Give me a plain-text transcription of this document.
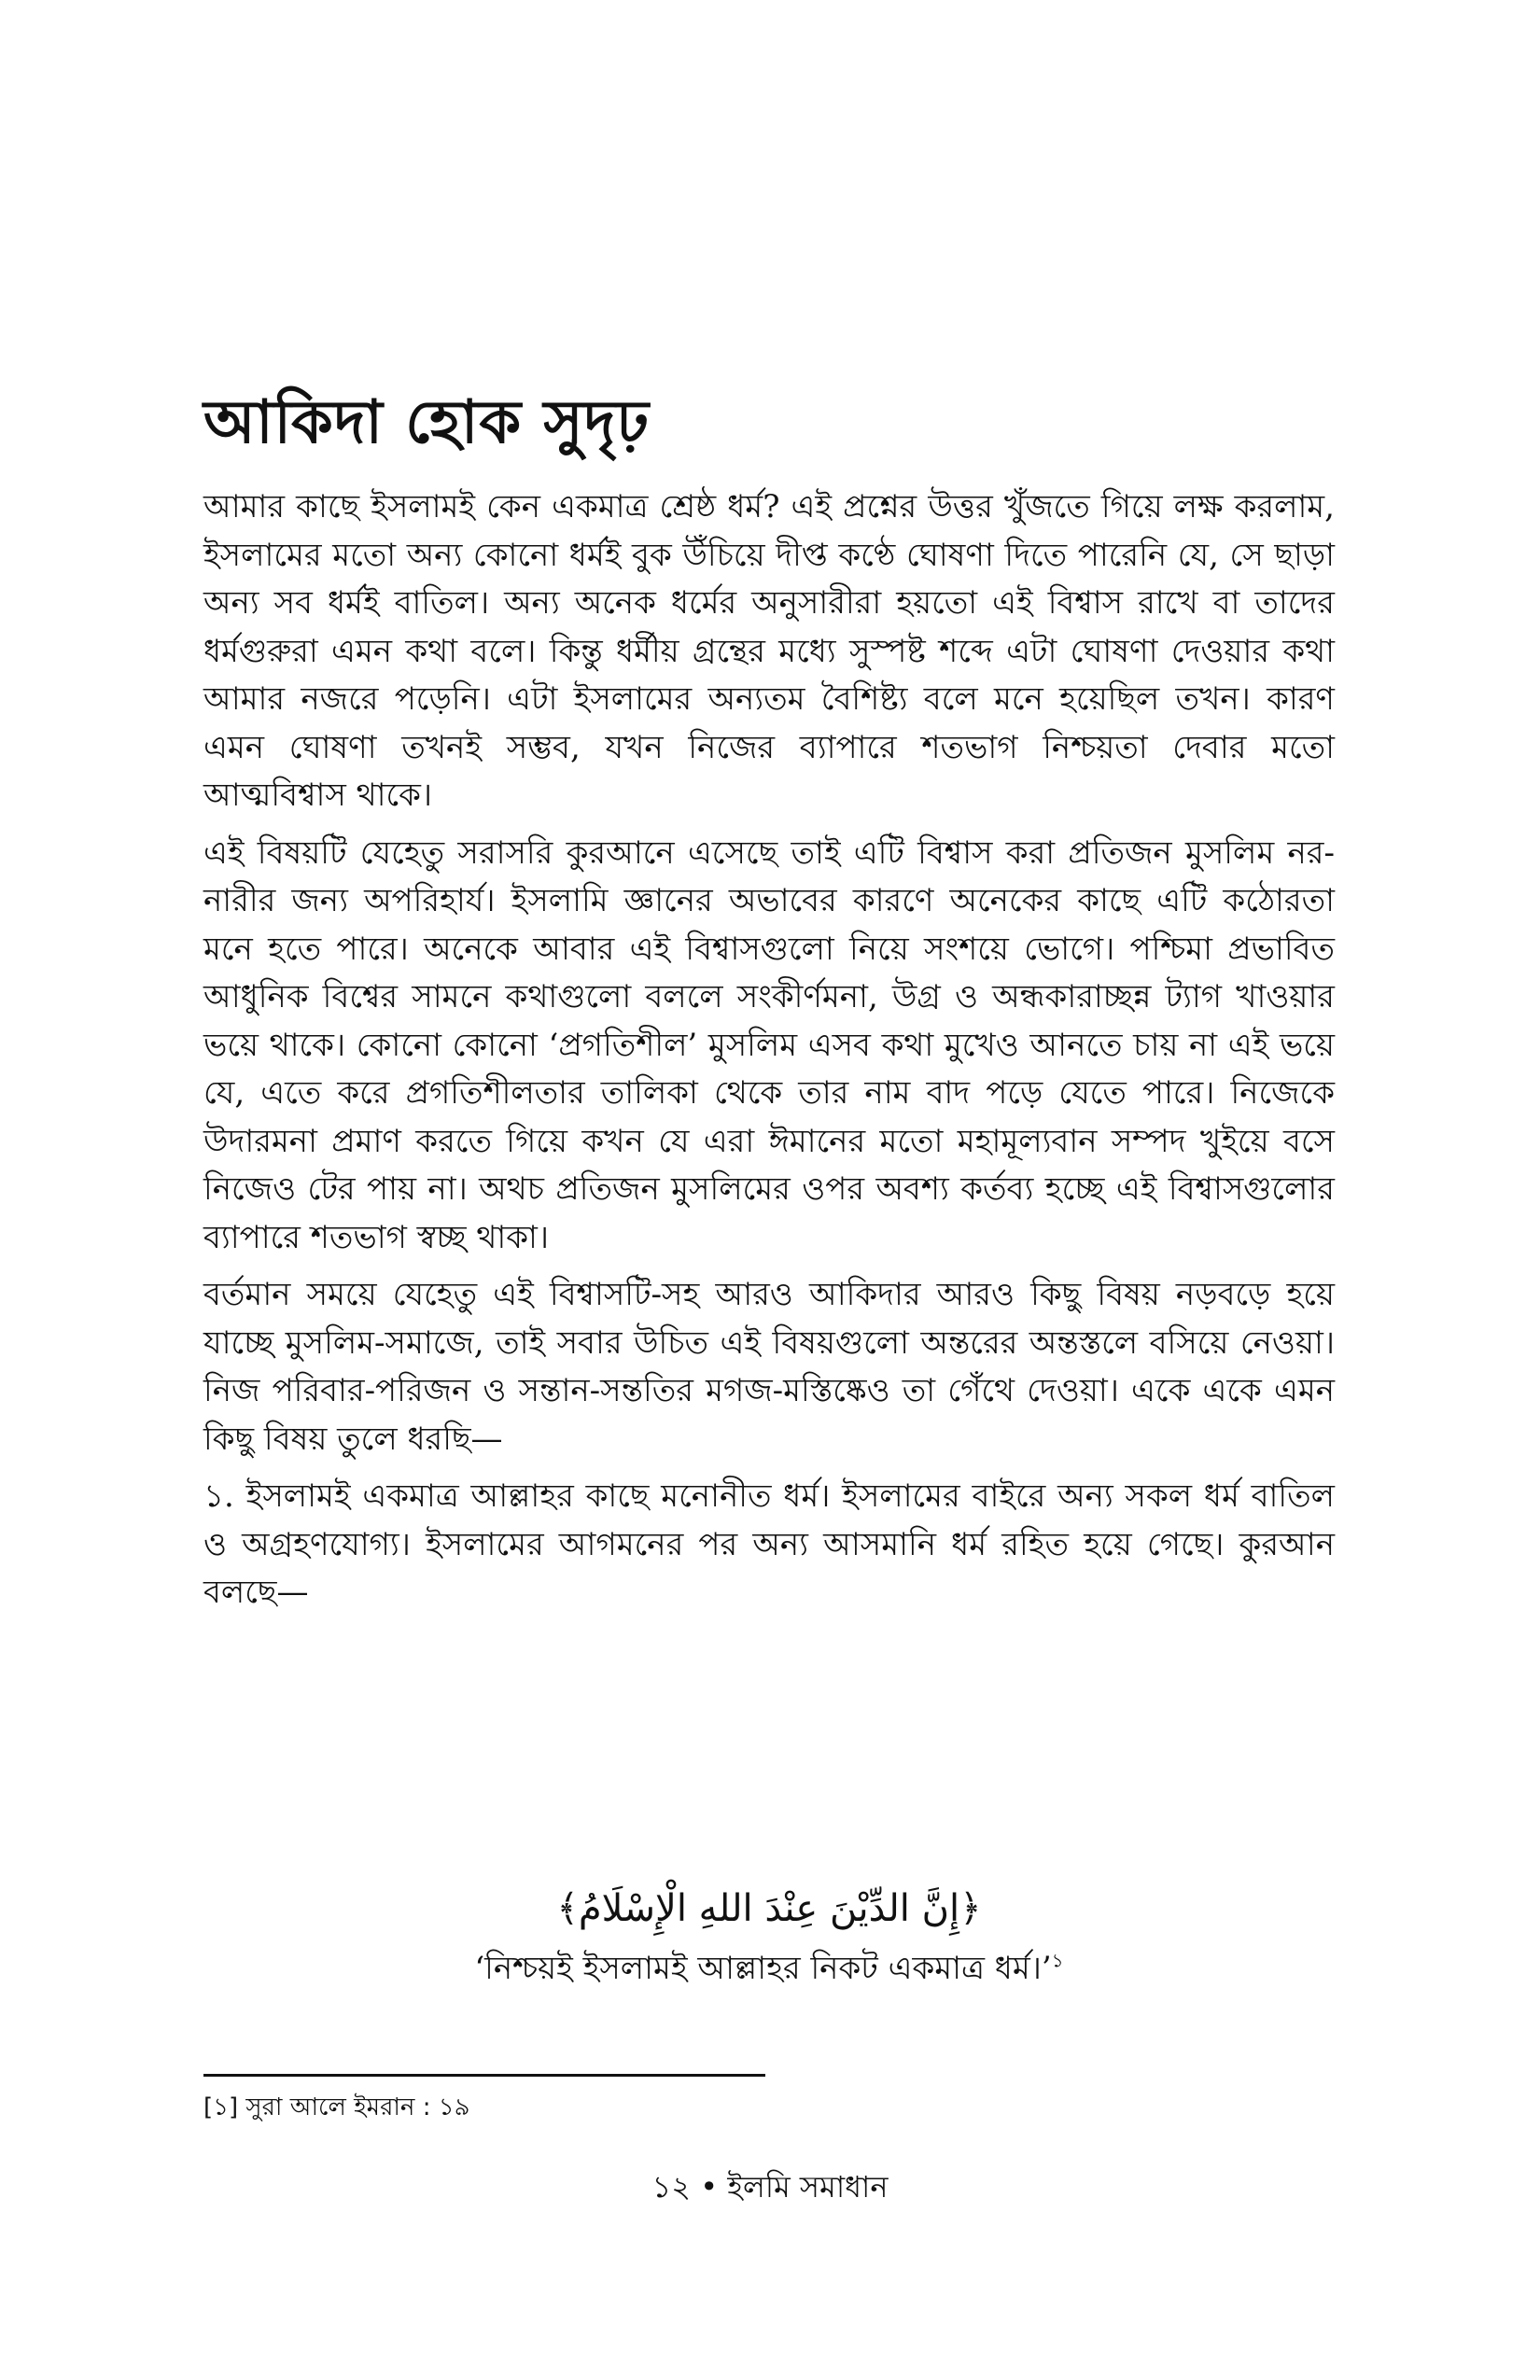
আকিদা হোক সুদৃঢ়

আমার কাছে ইসলামই কেন একমাত্র শ্রেষ্ঠ ধর্ম? এই প্রশ্নের উত্তর খুঁজতে গিয়ে লক্ষ করলাম, ইসলামের মতো অন্য কোনো ধর্মই বুক উঁচিয়ে দীপ্ত কণ্ঠে ঘোষণা দিতে পারেনি যে, সে ছাড়া অন্য সব ধর্মই বাতিল। অন্য অনেক ধর্মের অনুসারীরা হয়তো এই বিশ্বাস রাখে বা তাদের ধর্মগুরুরা এমন কথা বলে। কিন্তু ধর্মীয় গ্রন্থের মধ্যে সুস্পষ্ট শব্দে এটা ঘোষণা দেওয়ার কথা আমার নজরে পড়েনি। এটা ইসলামের অন্যতম বৈশিষ্ট্য বলে মনে হয়েছিল তখন। কারণ এমন ঘোষণা তখনই সম্ভব, যখন নিজের ব্যাপারে শতভাগ নিশ্চয়তা দেবার মতো আত্মবিশ্বাস থাকে।

এই বিষয়টি যেহেতু সরাসরি কুরআনে এসেছে তাই এটি বিশ্বাস করা প্রতিজন মুসলিম নর-নারীর জন্য অপরিহার্য। ইসলামি জ্ঞানের অভাবের কারণে অনেকের কাছে এটি কঠোরতা মনে হতে পারে। অনেকে আবার এই বিশ্বাসগুলো নিয়ে সংশয়ে ভোগে। পশ্চিমা প্রভাবিত আধুনিক বিশ্বের সামনে কথাগুলো বললে সংকীর্ণমনা, উগ্র ও অন্ধকারাচ্ছন্ন ট্যাগ খাওয়ার ভয়ে থাকে। কোনো কোনো ‘প্রগতিশীল’ মুসলিম এসব কথা মুখেও আনতে চায় না এই ভয়ে যে, এতে করে প্রগতিশীলতার তালিকা থেকে তার নাম বাদ পড়ে যেতে পারে। নিজেকে উদারমনা প্রমাণ করতে গিয়ে কখন যে এরা ঈমানের মতো মহামূল্যবান সম্পদ খুইয়ে বসে নিজেও টের পায় না। অথচ প্রতিজন মুসলিমের ওপর অবশ্য কর্তব্য হচ্ছে এই বিশ্বাসগুলোর ব্যাপারে শতভাগ স্বচ্ছ থাকা।

বর্তমান সময়ে যেহেতু এই বিশ্বাসটি-সহ আরও আকিদার আরও কিছু বিষয় নড়বড়ে হয়ে যাচ্ছে মুসলিম-সমাজে, তাই সবার উচিত এই বিষয়গুলো অন্তরের অন্তস্তলে বসিয়ে নেওয়া। নিজ পরিবার-পরিজন ও সন্তান-সন্ততির মগজ-মস্তিষ্কেও তা গেঁথে দেওয়া। একে একে এমন কিছু বিষয় তুলে ধরছি—

১. ইসলামই একমাত্র আল্লাহর কাছে মনোনীত ধর্ম। ইসলামের বাইরে অন্য সকল ধর্ম বাতিল ও অগ্রহণযোগ্য। ইসলামের আগমনের পর অন্য আসমানি ধর্ম রহিত হয়ে গেছে। কুরআন বলছে—

﴿إِنَّ الدِّيْنَ عِنْدَ اللهِ الْإِسْلَامُ﴾

‘নিশ্চয়ই ইসলামই আল্লাহর নিকট একমাত্র ধর্ম।’$^১$

[১] সুরা আলে ইমরান : ১৯

১২ • ইলমি সমাধান
